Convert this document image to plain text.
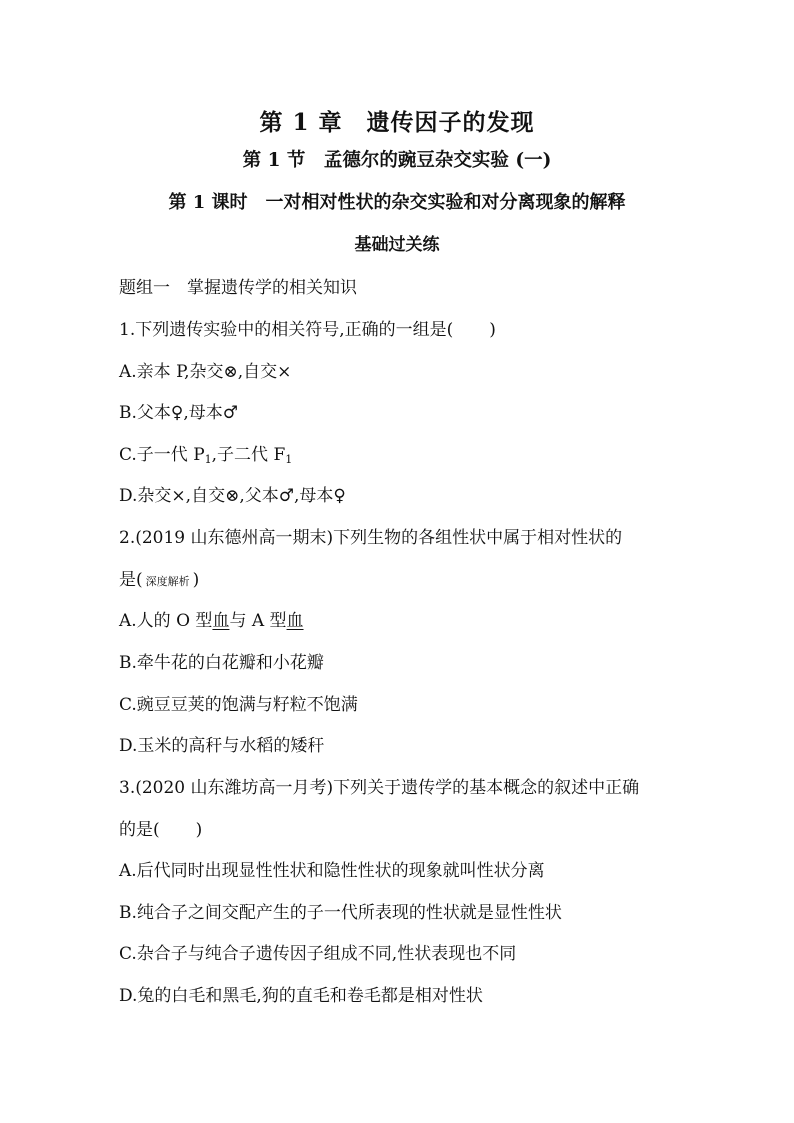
第 1 章　遗传因子的发现
第 1 节　孟德尔的豌豆杂交实验 (一)
第 1 课时　一对相对性状的杂交实验和对分离现象的解释
基础过关练
题组一　掌握遗传学的相关知识
1.下列遗传实验中的相关符号,正确的一组是( )
A.亲本 P,杂交⊗,自交×
B.父本♀,母本♂
C.子一代 $P_1$,子二代 $F_1$
D.杂交×,自交⊗,父本♂,母本♀
2.(2019 山东德州高一期末)下列生物的各组性状中属于相对性状的
是( 深度解析 )
A.人的 O 型血与 A 型血
B.牵牛花的白花瓣和小花瓣
C.豌豆豆荚的饱满与籽粒不饱满
D.玉米的高秆与水稻的矮秆
3.(2020 山东潍坊高一月考)下列关于遗传学的基本概念的叙述中正确
的是( )
A.后代同时出现显性性状和隐性性状的现象就叫性状分离
B.纯合子之间交配产生的子一代所表现的性状就是显性性状
C.杂合子与纯合子遗传因子组成不同,性状表现也不同
D.兔的白毛和黑毛,狗的直毛和卷毛都是相对性状
